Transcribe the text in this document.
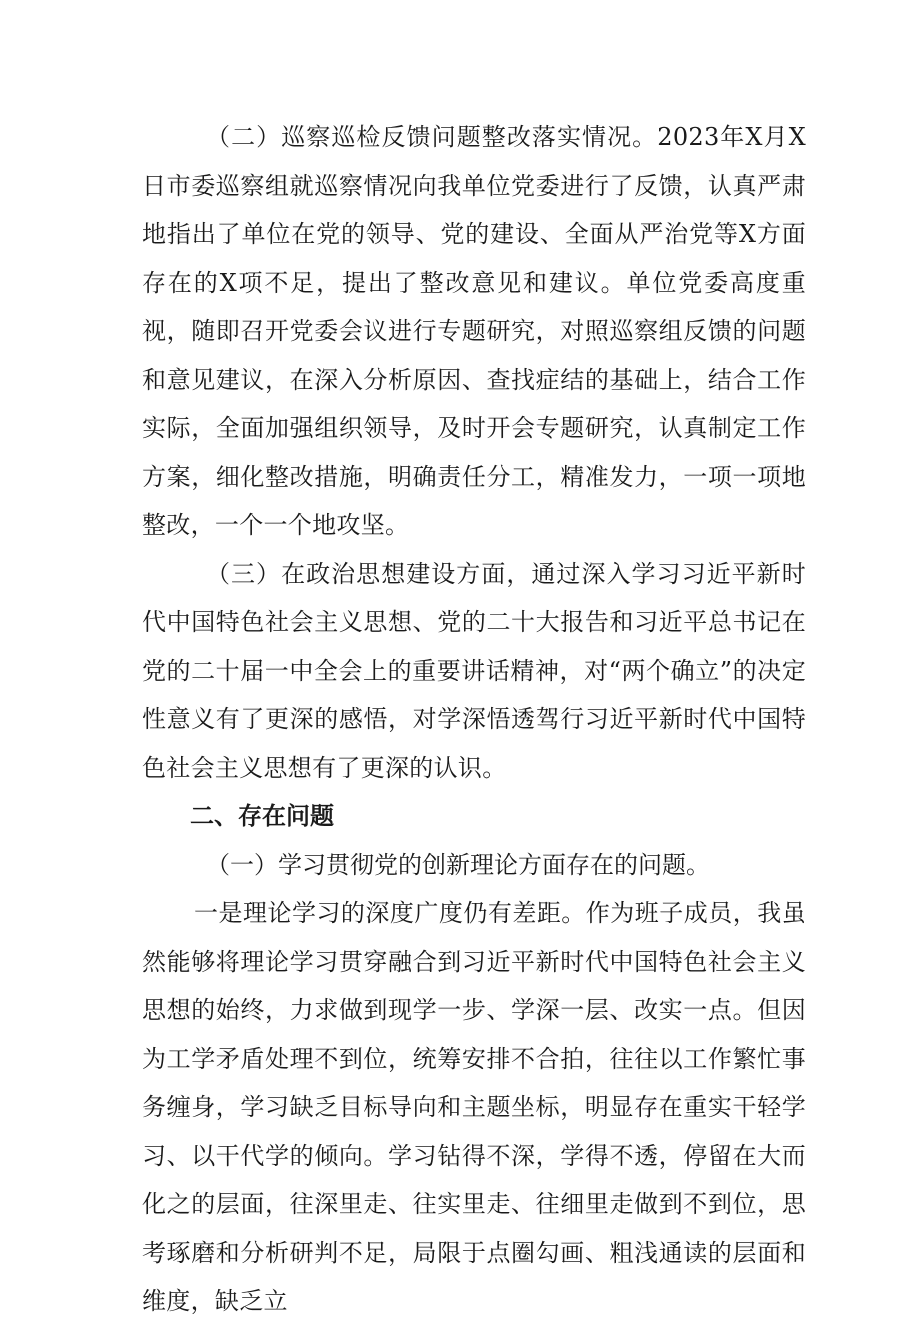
（二）巡察巡检反馈问题整改落实情况。2023年X月X日市委巡察组就巡察情况向我单位党委进行了反馈，认真严肃地指出了单位在党的领导、党的建设、全面从严治党等X方面存在的X项不足，提出了整改意见和建议。单位党委高度重视，随即召开党委会议进行专题研究，对照巡察组反馈的问题和意见建议，在深入分析原因、查找症结的基础上，结合工作实际，全面加强组织领导，及时开会专题研究，认真制定工作方案，细化整改措施，明确责任分工，精准发力，一项一项地整改，一个一个地攻坚。

（三）在政治思想建设方面，通过深入学习习近平新时代中国特色社会主义思想、党的二十大报告和习近平总书记在党的二十届一中全会上的重要讲话精神，对“两个确立”的决定性意义有了更深的感悟，对学深悟透驾行习近平新时代中国特色社会主义思想有了更深的认识。

二、存在问题

（一）学习贯彻党的创新理论方面存在的问题。

一是理论学习的深度广度仍有差距。作为班子成员，我虽然能够将理论学习贯穿融合到习近平新时代中国特色社会主义思想的始终，力求做到现学一步、学深一层、改实一点。但因为工学矛盾处理不到位，统筹安排不合拍，往往以工作繁忙事务缠身，学习缺乏目标导向和主题坐标，明显存在重实干轻学习、以干代学的倾向。学习钻得不深，学得不透，停留在大而化之的层面，往深里走、往实里走、往细里走做到不到位，思考琢磨和分析研判不足，局限于点圈勾画、粗浅通读的层面和维度，缺乏立
